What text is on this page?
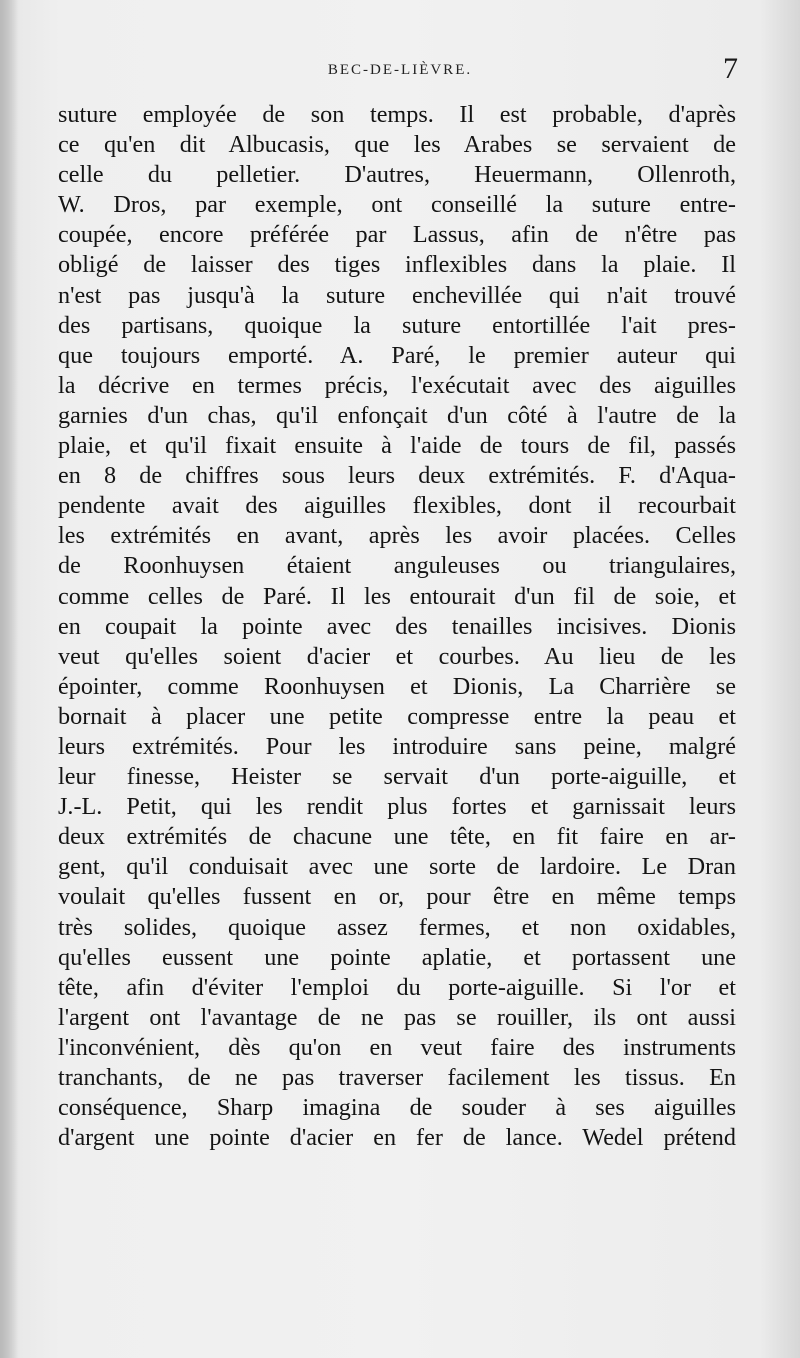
BEC-DE-LIÈVRE.	7
suture employée de son temps. Il est probable, d'après
ce qu'en dit Albucasis, que les Arabes se servaient de
celle du pelletier. D'autres, Heuermann, Ollenroth,
W. Dros, par exemple, ont conseillé la suture entre-
coupée, encore préférée par Lassus, afin de n'être pas
obligé de laisser des tiges inflexibles dans la plaie. Il
n'est pas jusqu'à la suture enchevillée qui n'ait trouvé
des partisans, quoique la suture entortillée l'ait pres-
que toujours emporté. A. Paré, le premier auteur qui
la décrive en termes précis, l'exécutait avec des aiguilles
garnies d'un chas, qu'il enfonçait d'un côté à l'autre de la
plaie, et qu'il fixait ensuite à l'aide de tours de fil, passés
en 8 de chiffres sous leurs deux extrémités. F. d'Aqua-
pendente avait des aiguilles flexibles, dont il recourbait
les extrémités en avant, après les avoir placées. Celles
de Roonhuysen étaient anguleuses ou triangulaires,
comme celles de Paré. Il les entourait d'un fil de soie, et
en coupait la pointe avec des tenailles incisives. Dionis
veut qu'elles soient d'acier et courbes. Au lieu de les
épointer, comme Roonhuysen et Dionis, La Charrière se
bornait à placer une petite compresse entre la peau et
leurs extrémités. Pour les introduire sans peine, malgré
leur finesse, Heister se servait d'un porte-aiguille, et
J.-L. Petit, qui les rendit plus fortes et garnissait leurs
deux extrémités de chacune une tête, en fit faire en ar-
gent, qu'il conduisait avec une sorte de lardoire. Le Dran
voulait qu'elles fussent en or, pour être en même temps
très solides, quoique assez fermes, et non oxidables,
qu'elles eussent une pointe aplatie, et portassent une
tête, afin d'éviter l'emploi du porte-aiguille. Si l'or et
l'argent ont l'avantage de ne pas se rouiller, ils ont aussi
l'inconvénient, dès qu'on en veut faire des instruments
tranchants, de ne pas traverser facilement les tissus. En
conséquence, Sharp imagina de souder à ses aiguilles
d'argent une pointe d'acier en fer de lance. Wedel prétend
